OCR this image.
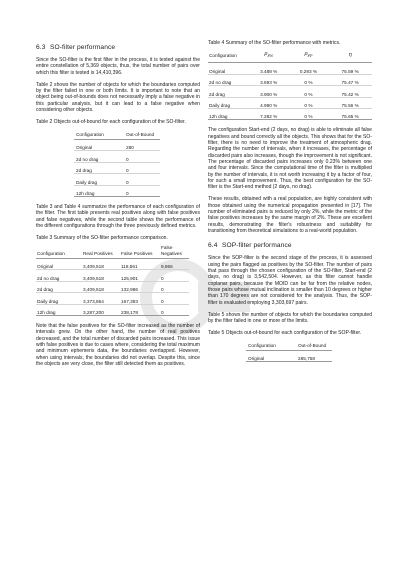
6.3 SO-filter performance

Since the SO-filter is the first filter in the process, it is tested against the entire constellation of 5,369 objects, thus, the total number of pairs over which this filter is tested is 14,410,396.

Table 2 shows the number of objects for which the boundaries computed by the filter failed in one or both limits. It is important to note that an object being out-of-bounds does not necessarily imply a false negative in this particular analysis, but it can lead to a false negative when considering other objects.

Table 2 Objects out-of-bound for each configuration of the SO-filter.
Configuration	Out-of-Bound
Original	280
2d no drag	0
2d drag	0
Daily drag	0
12h drag	0

Table 3 and Table 4 summarize the performance of each configuration of the filter. The first table presents real positives along with false positives and false negatives, while the second table shows the performance of the different configurations through the three previously defined metrics.

Table 3 Summary of the SO-filter performance comparison.
Configuration	Real Positives	False Positives	False Negatives
Original	3,409,518	118,561	9,966
2d no drag	3,409,518	125,901	0
2d drag	3,409,518	132,986	0
Daily drag	3,373,864	167,393	0
12h drag	3,287,200	238,178	0

Note that the false positives for the SO-filter increased as the number of intervals grew. On the other hand, the number of real positives decreased, and the total number of discarded pairs increased. This issue with false positives is due to cases where, considering the total maximum and minimum ephemeris data, the boundaries overlapped. However, when using intervals, the boundaries did not overlap. Despite this, since the objects are very close, the filter still detected them as positives.

Table 4 Summary of the SO-filter performance with metrics.
Configuration	$\rho_{FN}$	$\rho_{FP}$	η
Original	3.488 %	0.293 %	75.59 %
2d no drag	3.693 %	0 %	75.47 %
2d drag	3.900 %	0 %	75.42 %
Daily drag	4.990 %	0 %	75.56 %
12h drag	7.282 %	0 %	75.65 %

The configuration Start-end (2 days, no drag) is able to eliminate all false negatives and bound correctly all the objects. This shows that for the SO-filter, there is no need to improve the treatment of atmospheric drag. Regarding the number of intervals, when it increases, the percentage of discarded pairs also increases, though the improvement is not significant. The percentage of discarded pairs increases only 0.23% between one and four intervals. Since the computational time of the filter is multiplied by the number of intervals, it is not worth increasing it by a factor of four, for such a small improvement. Thus, the best configuration for the SO-filter is the Start-end method (2 days, no drag).

These results, obtained with a real population, are highly consistent with those obtained using the numerical propagation presented in [17]. The number of eliminated pairs is reduced by only 2%, while the metric of the false positives increases by the same margin of 2%. These are excellent results, demonstrating the filter's robustness and suitability for transitioning from theoretical simulations to a real-world population.

6.4 SOP-filter performance

Since the SOP-filter is the second stage of the process, it is assessed using the pairs flagged as positives by the SO-filter. The number of pairs that pass through the chosen configuration of the SO-filter, Start-end (2 days, no drag) is 3,542,504. However, as this filter cannot handle coplanar pairs, because the MOID can be far from the relative nodes, those pairs whose mutual inclination is smaller than 10 degrees or higher than 170 degrees are not considered for the analysis. Thus, the SOP-filter is evaluated employing 3,303,697 pairs.

Table 5 shows the number of objects for which the boundaries computed by the filter failed in one or more of the limits.

Table 5 Objects out-of-bound for each configuration of the SOP-filter.
Configuration	Out-of-Bound
Original	285,758
